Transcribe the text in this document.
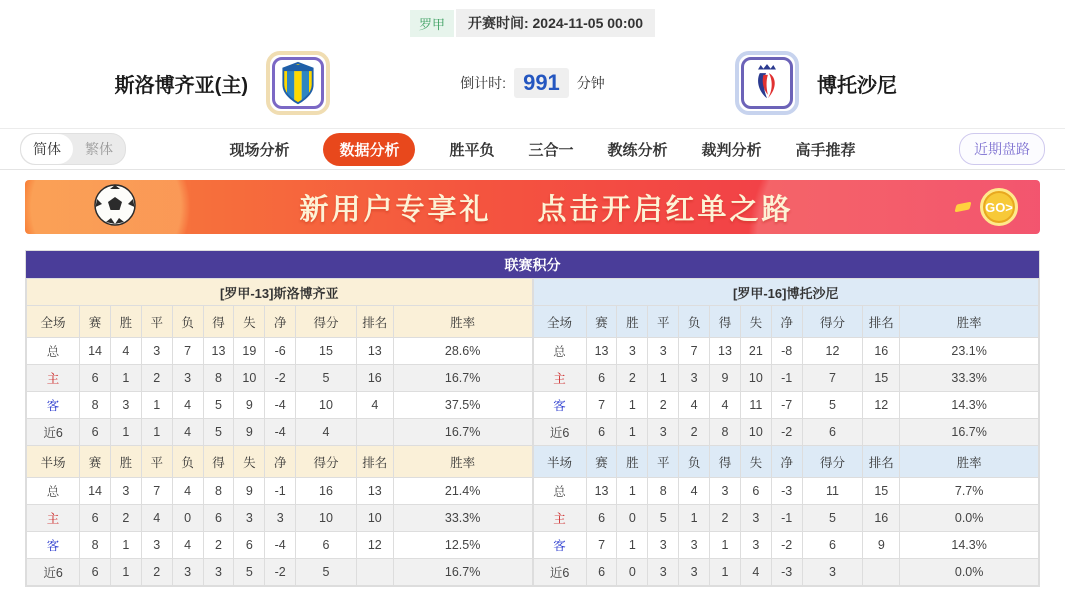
罗甲	开赛时间: 2024-11-05 00:00
斯洛博齐亚(主)	倒计时: 991	分钟	博托沙尼
简体	繁体	现场分析	数据分析	胜平负 三合一 教练分析 裁判分析 高手推荐	近期盘路
新用户专享礼 点击开启红单之路	GO>
联赛积分
[罗甲-13]斯洛博齐亚										
全场	赛	胜	平	负	得	失	净	得分	排名	胜率
总	14	4	3	7	13	19	-6	15	13	28.6%
主	6	1	2	3	8	10	-2	5	16	16.7%
客	8	3	1	4	5	9	-4	10	4	37.5%
近6	6	1	1	4	5	9	-4	4		16.7%
半场	赛	胜	平	负	得	失	净	得分	排名	胜率
总	14	3	7	4	8	9	-1	16	13	21.4%
主	6	2	4	0	6	3	3	10	10	33.3%
客	8	1	3	4	2	6	-4	6	12	12.5%
近6	6	1	2	3	3	5	-2	5		16.7%
[罗甲-16]博托沙尼										
全场	赛	胜	平	负	得	失	净	得分	排名	胜率
总	13	3	3	7	13	21	-8	12	16	23.1%
主	6	2	1	3	9	10	-1	7	15	33.3%
客	7	1	2	4	4	11	-7	5	12	14.3%
近6	6	1	3	2	8	10	-2	6		16.7%
半场	赛	胜	平	负	得	失	净	得分	排名	胜率
总	13	1	8	4	3	6	-3	11	15	7.7%
主	6	0	5	1	2	3	-1	5	16	0.0%
客	7	1	3	3	1	3	-2	6	9	14.3%
近6	6	0	3	3	1	4	-3	3		0.0%
